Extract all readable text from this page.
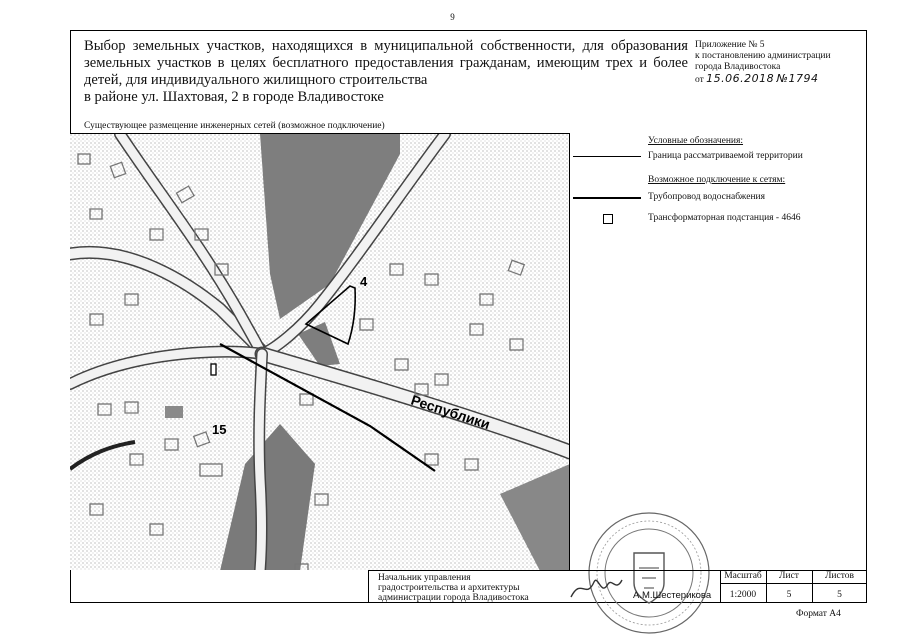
9
Выбор земельных участков, находящихся в муниципальной собственности, для образования земельных участков в целях бесплатного предоставления гражданам, имеющим трех и более детей, для индивидуального жилищного строительства
в районе ул. Шахтовая, 2 в городе Владивостоке
Приложение № 5
к постановлению администрации
города Владивостока
от 15.06.2018 №1794
Существующее размещение инженерных сетей (возможное подключение)
4
15	Республики
Условные обозначения:
Граница рассматриваемой территории
Возможное подключение к сетям:
Трубопровод водоснабжения
Трансформаторная подстанция - 4646
Начальник управления
градостроительства и архитектуры
администрации города Владивостока	А.М.Шестерикова
Масштаб	Лист	Листов
1:2000	5	5
Формат А4
